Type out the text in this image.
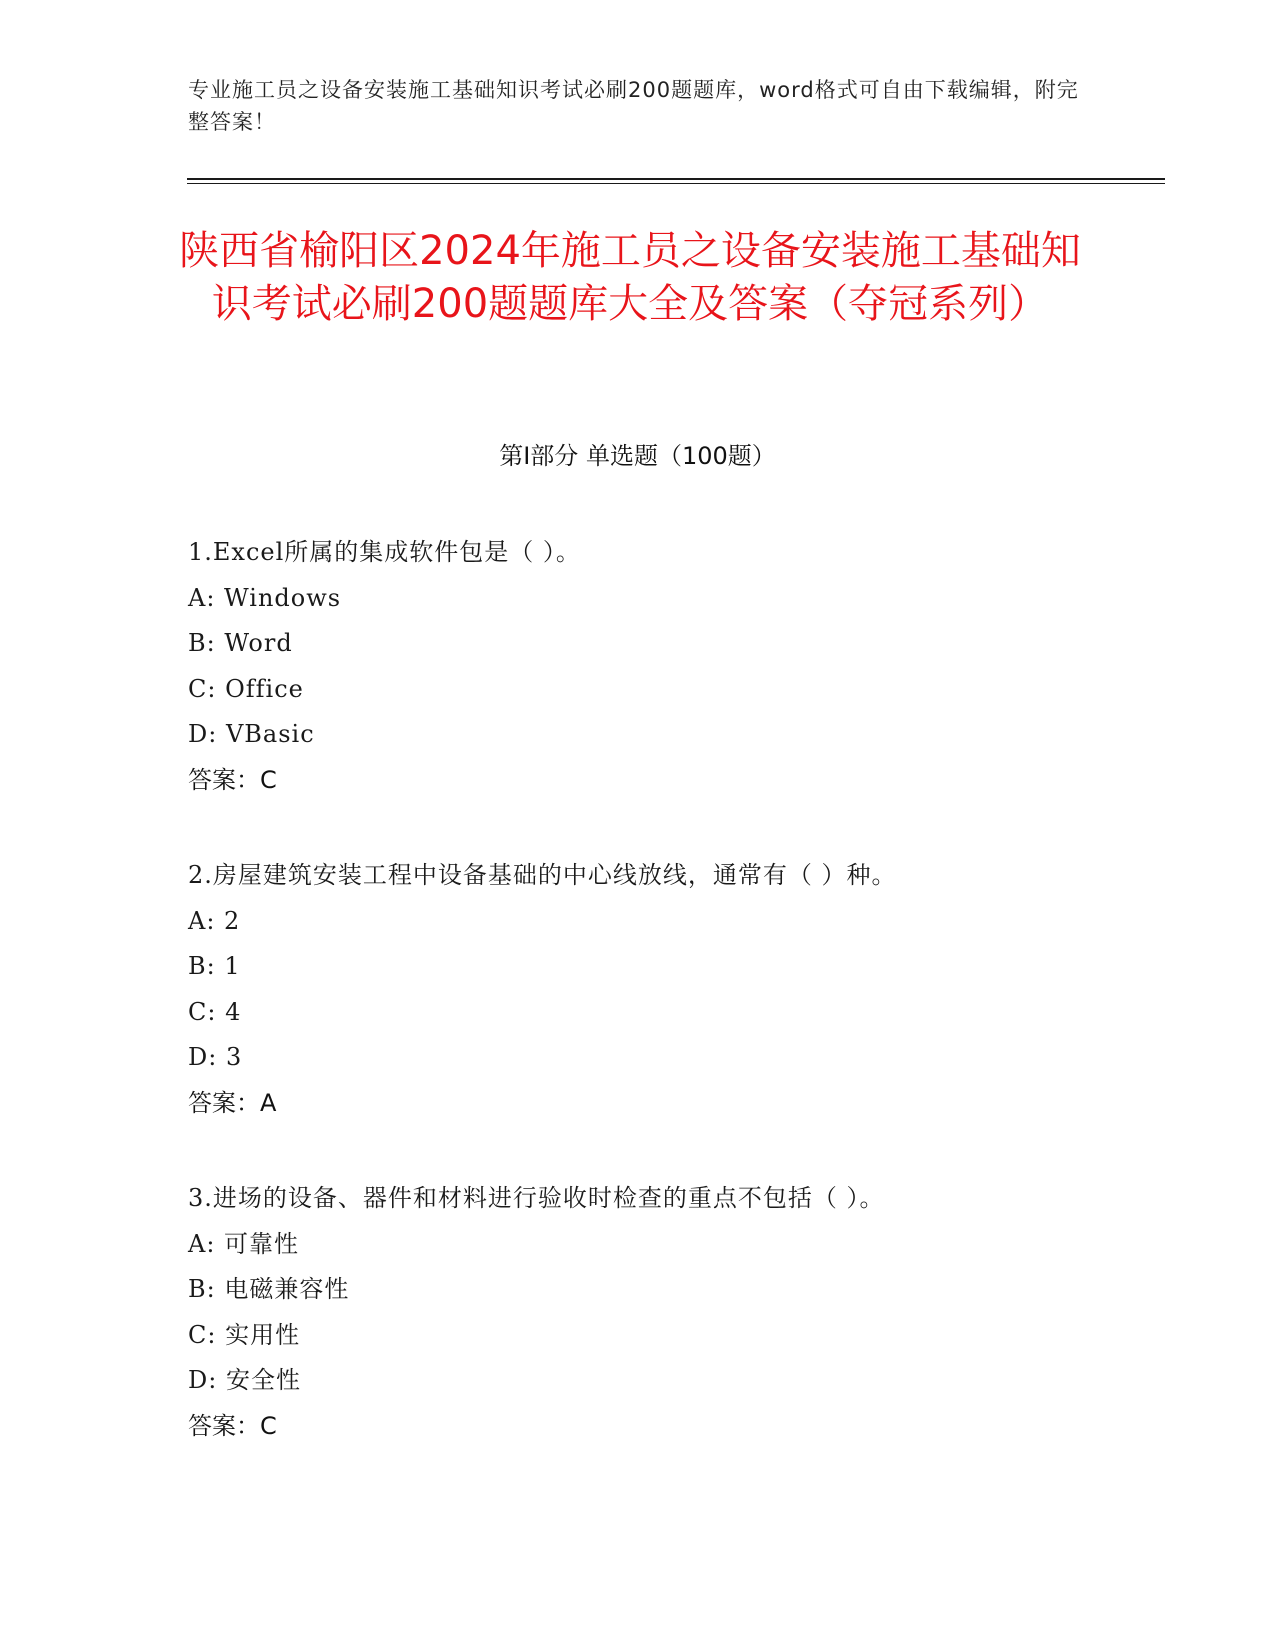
专业施工员之设备安装施工基础知识考试必刷200题题库，word格式可自由下载编辑，附完整答案！
陕西省榆阳区2024年施工员之设备安装施工基础知识考试必刷200题题库大全及答案（夺冠系列）
第Ⅰ部分 单选题（100题）
1.Excel所属的集成软件包是（ ）。
A: Windows
B: Word
C: Office
D: VBasic
答案：C
2.房屋建筑安装工程中设备基础的中心线放线，通常有（ ）种。
A: 2
B: 1
C: 4
D: 3
答案：A
3.进场的设备、器件和材料进行验收时检查的重点不包括（ ）。
A: 可靠性
B: 电磁兼容性
C: 实用性
D: 安全性
答案：C
